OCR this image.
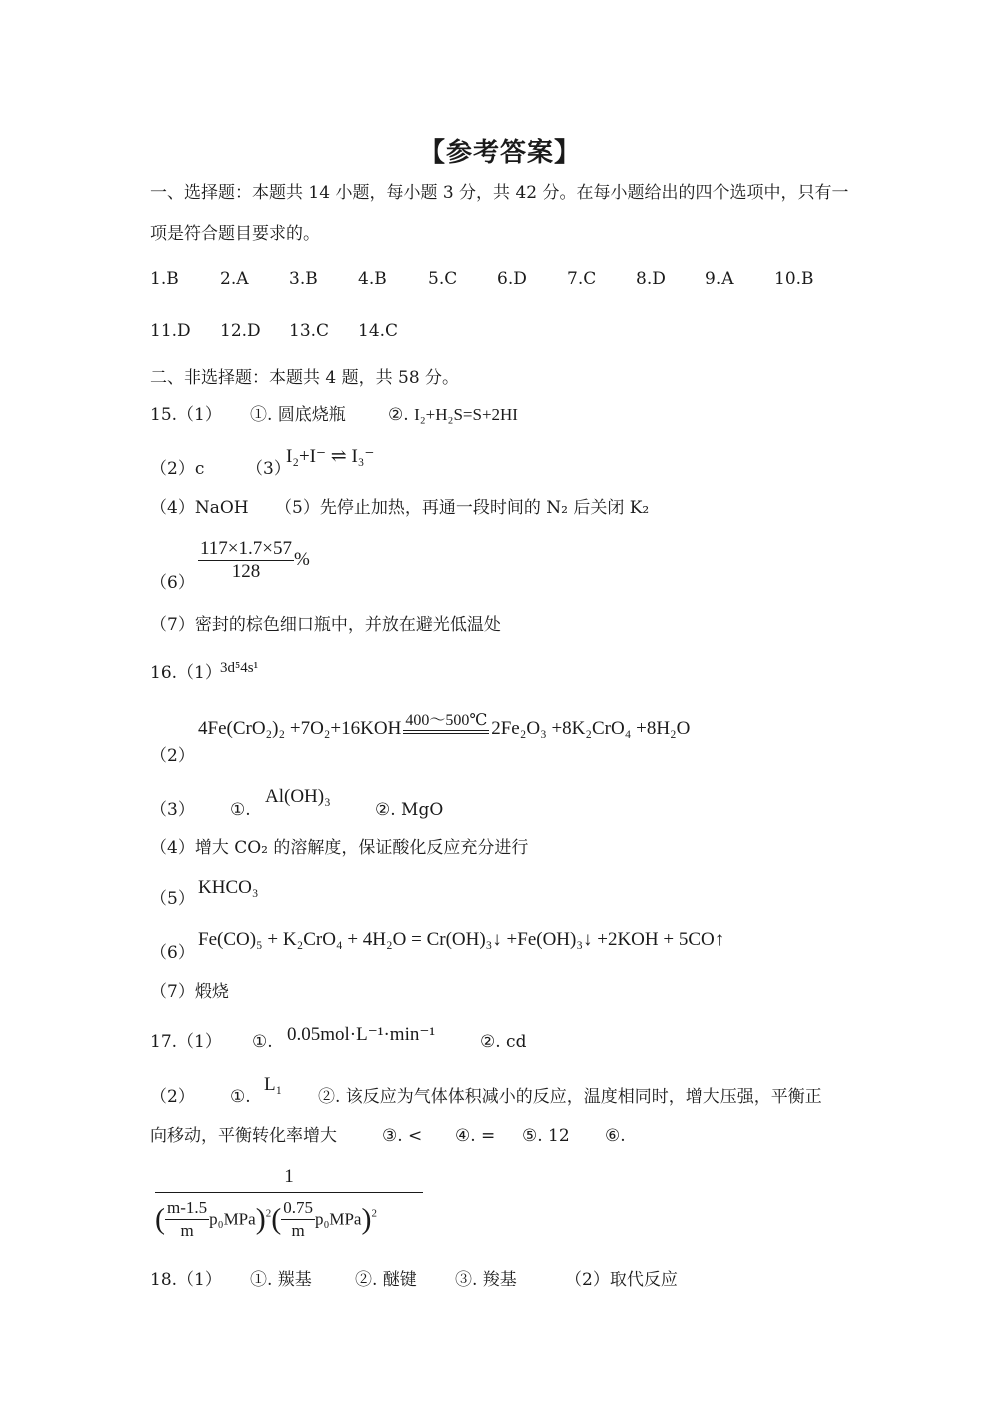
【参考答案】
一、选择题：本题共 14 小题，每小题 3 分，共 42 分。在每小题给出的四个选项中，只有一
项是符合题目要求的。
1.B 2.A 3.B 4.B 5.C 6.D 7.C 8.D 9.A 10.B
11.D 12.D 13.C 14.C
二、非选择题：本题共 4 题，共 58 分。
15.（1） ①. 圆底烧瓶 ②. I₂+H₂S=S+2HI
（2）c （3）
I₂+I⁻ ⇌ I₃⁻
（4）NaOH （5）先停止加热，再通一段时间的 N₂ 后关闭 K₂
$(6) \frac{117\times 1.7\times 57}{128}$ %
（7）密封的棕色细口瓶中，并放在避光低温处
16.（1）
3d⁵4s¹
（2）
4Fe(CrO₂)₂ +7O₂+16KOH 400～500℃ 2Fe₂O₃ +8K₂CrO₄ +8H₂O
（3） ①.
Al(OH)₃
②. MgO
（4）增大 CO₂ 的溶解度，保证酸化反应充分进行
（5）
KHCO₃
（6）
Fe(CO)₅ + K₂CrO₄ + 4H₂O = Cr(OH)₃↓ +Fe(OH)₃↓ +2KOH + 5CO↑
（7）煅烧
17.（1） ①. 0.05mol·L⁻¹·min⁻¹	②. cd
（2） ①.
L₁
②. 该反应为气体体积减小的反应，温度相同时，增大压强，平衡正
向移动，平衡转化率增大	③. < ④. = ⑤. 12 ⑥.
1
( $\frac{m-1.5}{m} p_0MPa)^2( \frac{0.75}{m} p_0MPa)^2$
18.（1） ①. 羰基	②. 醚键 ③. 羧基	（2）取代反应
